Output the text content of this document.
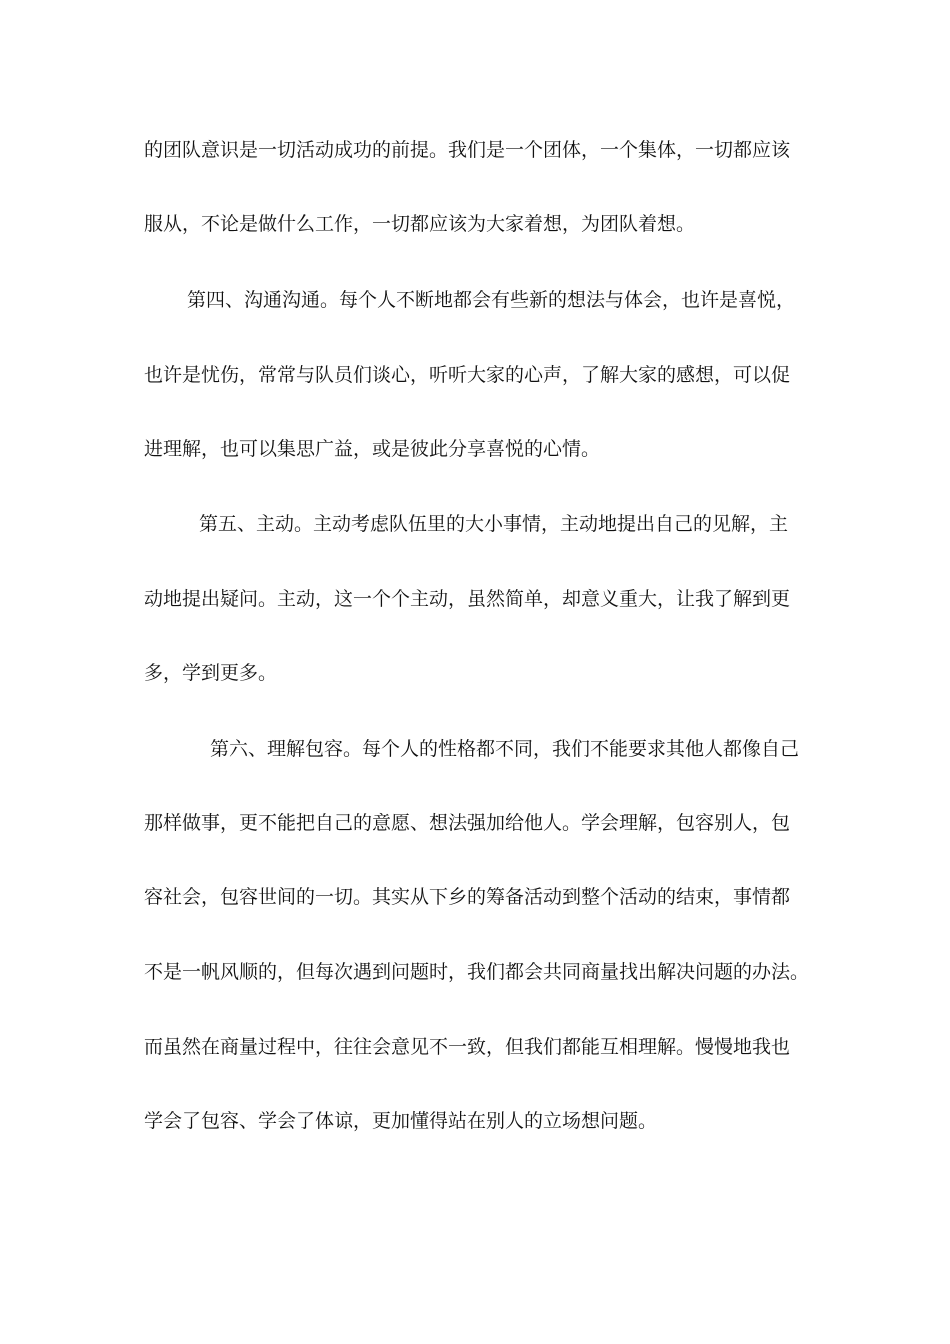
的团队意识是一切活动成功的前提。我们是一个团体，一个集体，一切都应该
服从，不论是做什么工作，一切都应该为大家着想，为团队着想。
第四、沟通沟通。每个人不断地都会有些新的想法与体会，也许是喜悦，
也许是忧伤，常常与队员们谈心，听听大家的心声，了解大家的感想，可以促
进理解，也可以集思广益，或是彼此分享喜悦的心情。
第五、主动。主动考虑队伍里的大小事情，主动地提出自己的见解，主
动地提出疑问。主动，这一个个主动，虽然简单，却意义重大，让我了解到更
多，学到更多。
第六、理解包容。每个人的性格都不同，我们不能要求其他人都像自己
那样做事，更不能把自己的意愿、想法强加给他人。学会理解，包容别人，包
容社会，包容世间的一切。其实从下乡的筹备活动到整个活动的结束，事情都
不是一帆风顺的，但每次遇到问题时，我们都会共同商量找出解决问题的办法。
而虽然在商量过程中，往往会意见不一致，但我们都能互相理解。慢慢地我也
学会了包容、学会了体谅，更加懂得站在别人的立场想问题。
